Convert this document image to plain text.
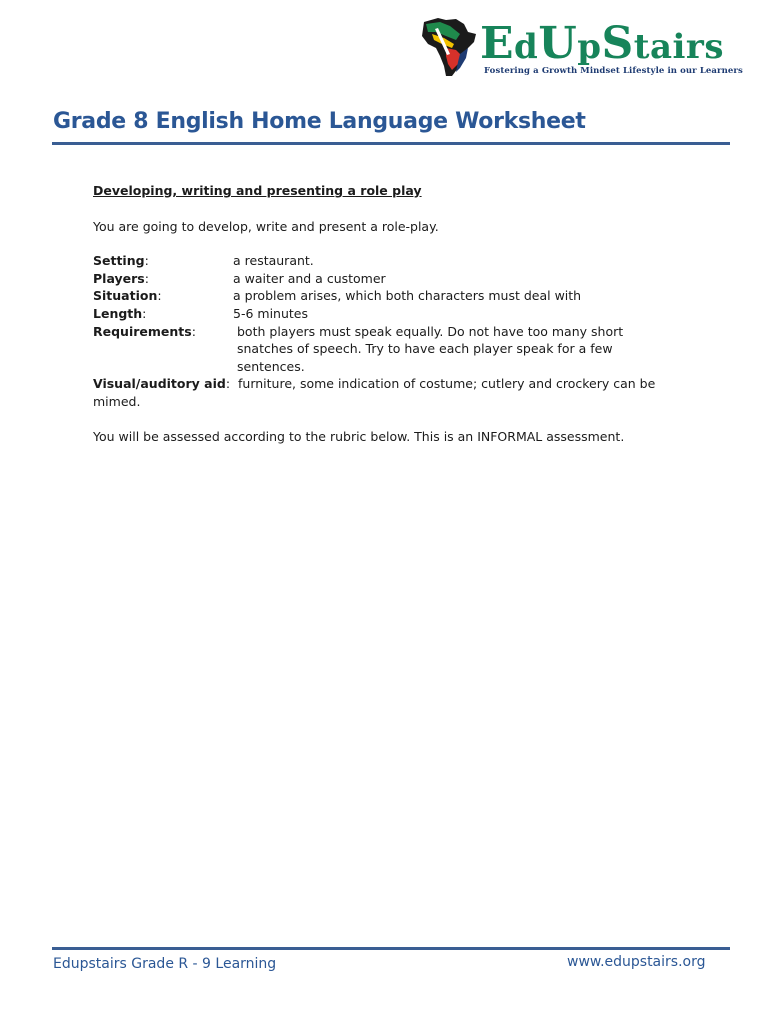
EdUpStairs
Fostering a Growth Mindset Lifestyle in our Learners
Grade 8 English Home Language Worksheet
Developing, writing and presenting a role play
You are going to develop, write and present a role-play.
Setting:	a restaurant.
Players:	a waiter and a customer
Situation:	a problem arises, which both characters must deal with
Length:	5-6 minutes
Requirements:	both players must speak equally. Do not have too many short snatches of speech. Try to have each player speak for a few sentences.
Visual/auditory aid:  furniture, some indication of costume; cutlery and crockery can be mimed.
You will be assessed according to the rubric below. This is an INFORMAL assessment.
Edupstairs Grade R - 9 Learning	www.edupstairs.org
